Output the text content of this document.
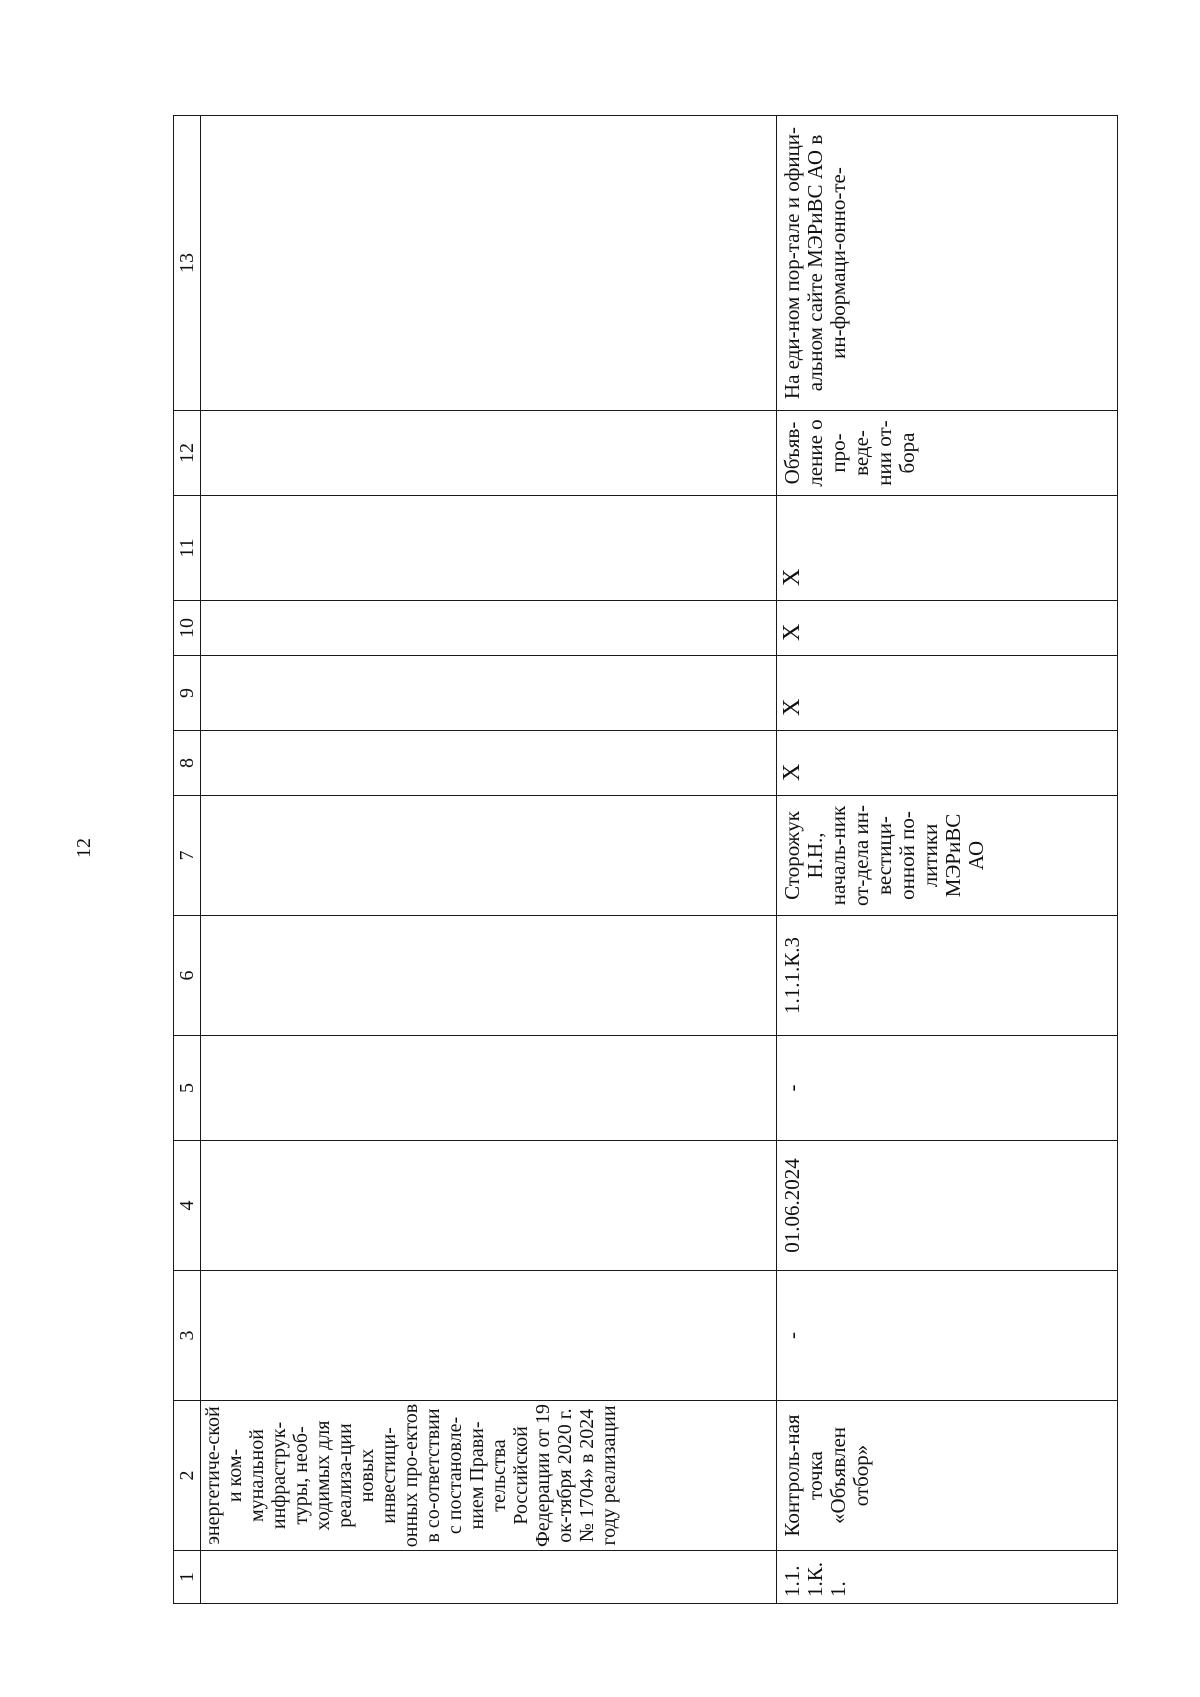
12
1	2	3	4	5	6	7	8	9	10	11	12	13
	энергетиче-ской и ком-мунальной инфраструк-туры, необ-ходимых для реализа-ции новых инвестици-онных про-ектов в со-ответствии с постановле-нием Прави-тельства Российской Федерации от 19 ок-тября 2020 г. № 1704» в 2024 году реализации											
1.1. 1.К.1.	Контроль-ная точка «Объявлен отбор»	-	01.06.2024	-	1.1.1.К.3	Сторожук Н.Н., началь-ник от-дела ин-вестици-онной по-литики МЭРиВС АО	Х	Х	Х	Х	Объяв-ление о про-веде-нии от-бора	На еди-ном пор-тале и офици-альном сайте МЭРиВС АО в ин-формаци-онно-те-
